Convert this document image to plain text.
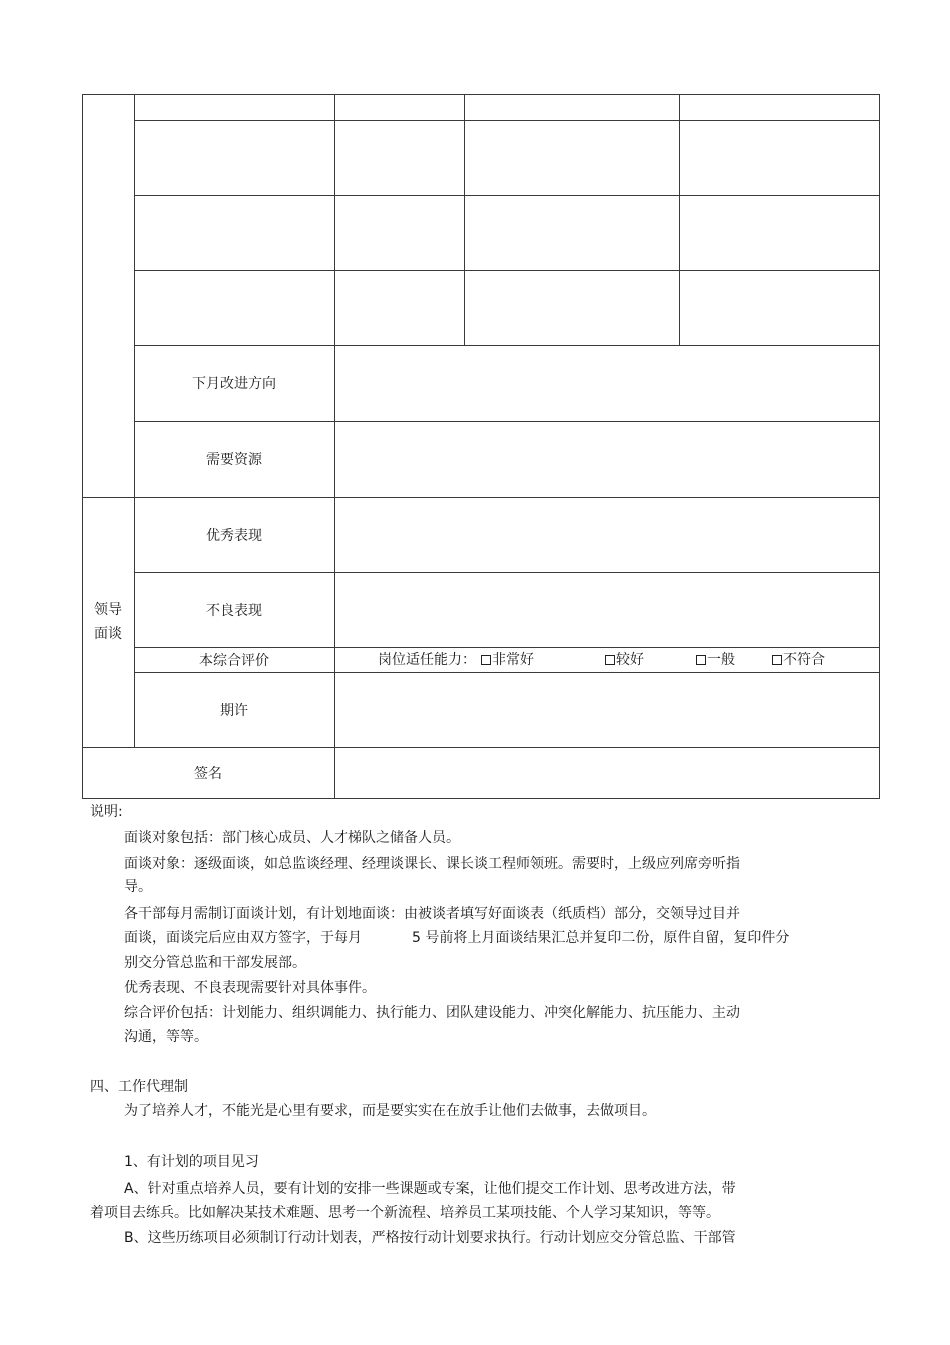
下月改进方向
需要资源
领导
面谈
优秀表现
不良表现
本综合评价	岗位适任能力：	非常好	较好	一般	不符合
期许
签名
说明:
面谈对象包括：部门核心成员、人才梯队之储备人员。
面谈对象：逐级面谈，如总监谈经理、经理谈课长、课长谈工程师领班。需要时，上级应列席旁听指
导。
各干部每月需制订面谈计划，有计划地面谈：由被谈者填写好面谈表（纸质档）部分，交领导过目并
面谈，面谈完后应由双方签字，于每月	5 号前将上月面谈结果汇总并复印二份，原件自留，复印件分
别交分管总监和干部发展部。
优秀表现、不良表现需要针对具体事件。
综合评价包括：计划能力、组织调能力、执行能力、团队建设能力、冲突化解能力、抗压能力、主动
沟通，等等。
四、工作代理制
为了培养人才，不能光是心里有要求，而是要实实在在放手让他们去做事，去做项目。
1、有计划的项目见习
A、针对重点培养人员，要有计划的安排一些课题或专案，让他们提交工作计划、思考改进方法，带
着项目去练兵。比如解决某技术难题、思考一个新流程、培养员工某项技能、个人学习某知识，等等。
B、这些历练项目必须制订行动计划表，严格按行动计划要求执行。行动计划应交分管总监、干部管
